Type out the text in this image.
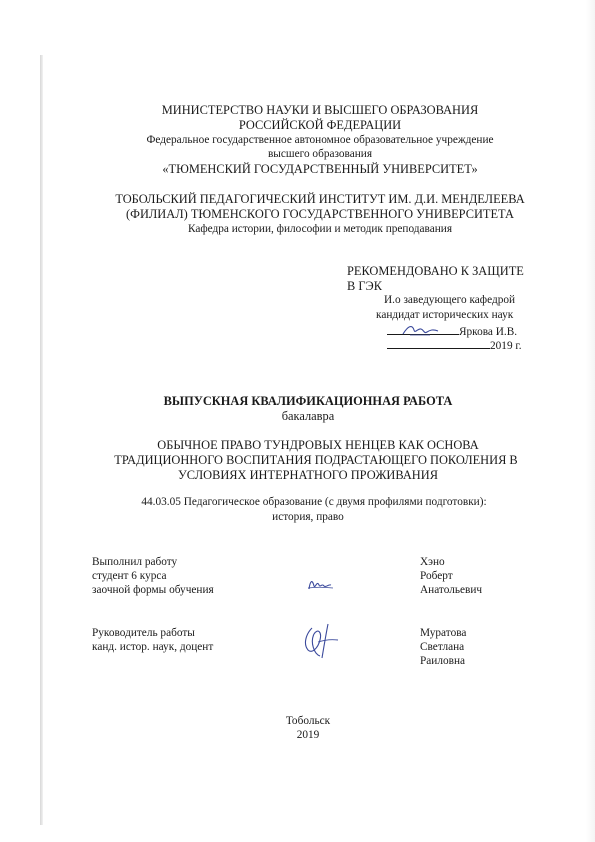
МИНИСТЕРСТВО НАУКИ И ВЫСШЕГО ОБРАЗОВАНИЯ
РОССИЙСКОЙ ФЕДЕРАЦИИ
Федеральное государственное автономное образовательное учреждение
высшего образования
«ТЮМЕНСКИЙ ГОСУДАРСТВЕННЫЙ УНИВЕРСИТЕТ»
ТОБОЛЬСКИЙ ПЕДАГОГИЧЕСКИЙ ИНСТИТУТ ИМ. Д.И. МЕНДЕЛЕЕВА
(ФИЛИАЛ) ТЮМЕНСКОГО ГОСУДАРСТВЕННОГО УНИВЕРСИТЕТА
Кафедра истории, философии и методик преподавания
РЕКОМЕНДОВАНО К ЗАЩИТЕ
В ГЭК
И.о заведующего кафедрой
кандидат исторических наук
Яркова И.В.
2019 г.
ВЫПУСКНАЯ КВАЛИФИКАЦИОННАЯ РАБОТА
бакалавра
ОБЫЧНОЕ ПРАВО ТУНДРОВЫХ НЕНЦЕВ КАК ОСНОВА
ТРАДИЦИОННОГО ВОСПИТАНИЯ ПОДРАСТАЮЩЕГО ПОКОЛЕНИЯ В
УСЛОВИЯХ ИНТЕРНАТНОГО ПРОЖИВАНИЯ
44.03.05 Педагогическое образование (с двумя профилями подготовки):
история, право
Выполнил работу
студент 6 курса
заочной формы обучения
Хэно
Роберт
Анатольевич
Руководитель работы
канд. истор. наук, доцент
Муратова
Светлана
Раиловна
Тобольск
2019
